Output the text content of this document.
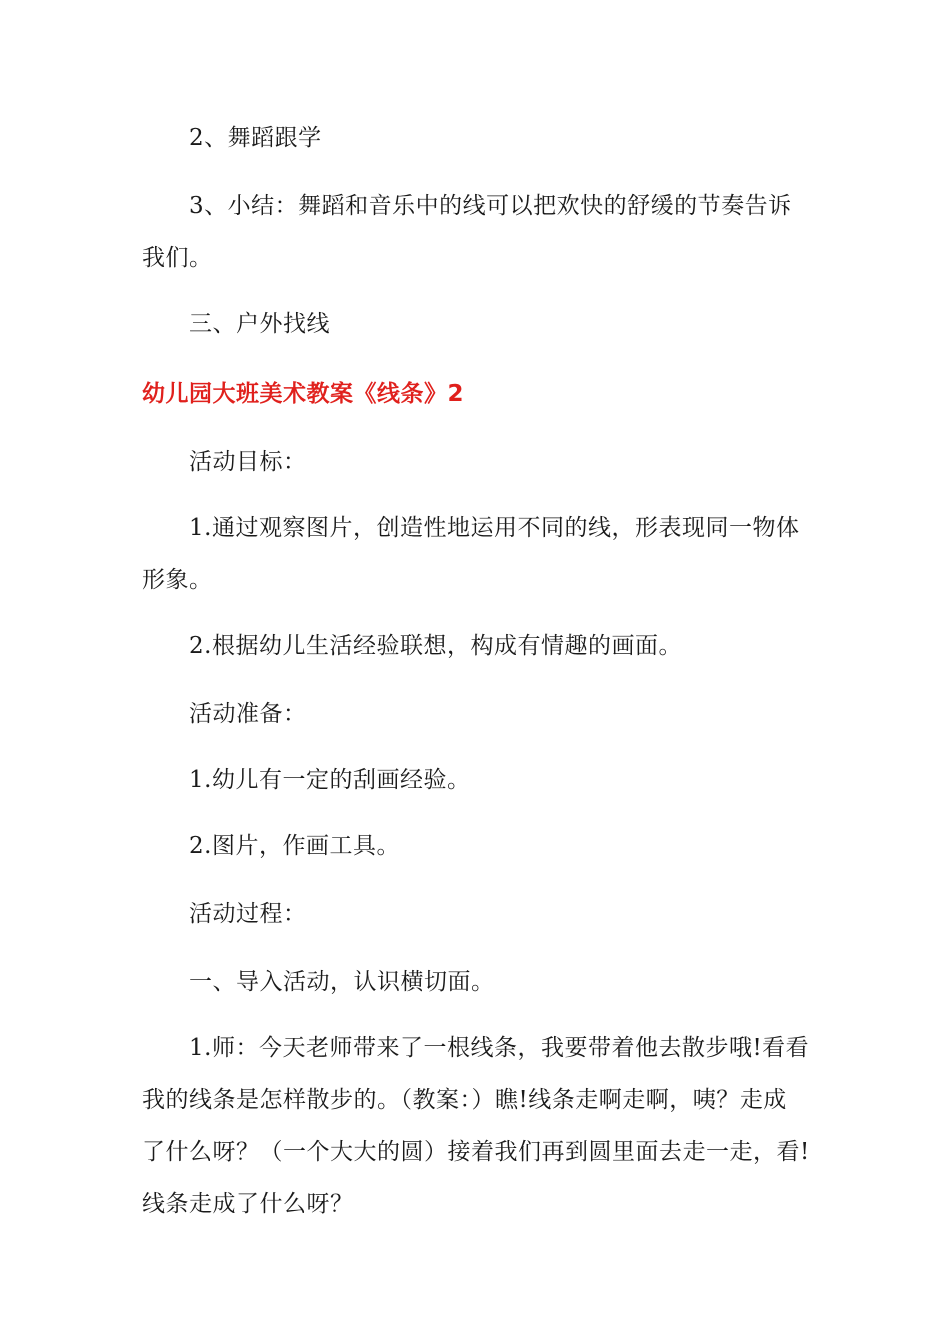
2、舞蹈跟学

3、小结：舞蹈和音乐中的线可以把欢快的舒缓的节奏告诉我们。

三、户外找线

幼儿园大班美术教案《线条》2

活动目标：

1.通过观察图片，创造性地运用不同的线，形表现同一物体形象。

2.根据幼儿生活经验联想，构成有情趣的画面。

活动准备：

1.幼儿有一定的刮画经验。

2.图片，作画工具。

活动过程：

一、导入活动，认识横切面。

1.师：今天老师带来了一根线条，我要带着他去散步哦!看看我的线条是怎样散步的。（教案：）瞧!线条走啊走啊，咦？走成了什么呀？（一个大大的圆）接着我们再到圆里面去走一走，看!线条走成了什么呀？
